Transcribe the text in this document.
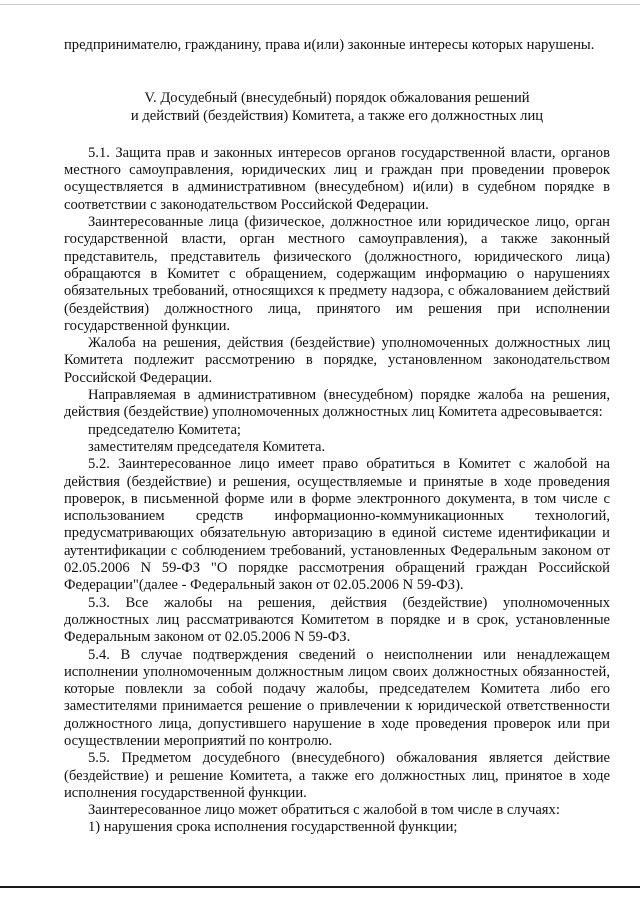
предпринимателю, гражданину, права и(или) законные интересы которых нарушены.

V. Досудебный (внесудебный) порядок обжалования решений
и действий (бездействия) Комитета, а также его должностных лиц

5.1. Защита прав и законных интересов органов государственной власти, органов местного самоуправления, юридических лиц и граждан при проведении проверок осуществляется в административном (внесудебном) и(или) в судебном порядке в соответствии с законодательством Российской Федерации.

Заинтересованные лица (физическое, должностное или юридическое лицо, орган государственной власти, орган местного самоуправления), а также законный представитель, представитель физического (должностного, юридического лица) обращаются в Комитет с обращением, содержащим информацию о нарушениях обязательных требований, относящихся к предмету надзора, с обжалованием действий (бездействия) должностного лица, принятого им решения при исполнении государственной функции.

Жалоба на решения, действия (бездействие) уполномоченных должностных лиц Комитета подлежит рассмотрению в порядке, установленном законодательством Российской Федерации.

Направляемая в административном (внесудебном) порядке жалоба на решения, действия (бездействие) уполномоченных должностных лиц Комитета адресовывается:

председателю Комитета;

заместителям председателя Комитета.

5.2. Заинтересованное лицо имеет право обратиться в Комитет с жалобой на действия (бездействие) и решения, осуществляемые и принятые в ходе проведения проверок, в письменной форме или в форме электронного документа, в том числе с использованием средств информационно-коммуникационных технологий, предусматривающих обязательную авторизацию в единой системе идентификации и аутентификации с соблюдением требований, установленных Федеральным законом от 02.05.2006 N 59-ФЗ "О порядке рассмотрения обращений граждан Российской Федерации"(далее - Федеральный закон от 02.05.2006 N 59-ФЗ).

5.3. Все жалобы на решения, действия (бездействие) уполномоченных должностных лиц рассматриваются Комитетом в порядке и в срок, установленные Федеральным законом от 02.05.2006 N 59-ФЗ.

5.4. В случае подтверждения сведений о неисполнении или ненадлежащем исполнении уполномоченным должностным лицом своих должностных обязанностей, которые повлекли за собой подачу жалобы, председателем Комитета либо его заместителями принимается решение о привлечении к юридической ответственности должностного лица, допустившего нарушение в ходе проведения проверок или при осуществлении мероприятий по контролю.

5.5. Предметом досудебного (внесудебного) обжалования является действие (бездействие) и решение Комитета, а также его должностных лиц, принятое в ходе исполнения государственной функции.

Заинтересованное лицо может обратиться с жалобой в том числе в случаях:

1) нарушения срока исполнения государственной функции;
